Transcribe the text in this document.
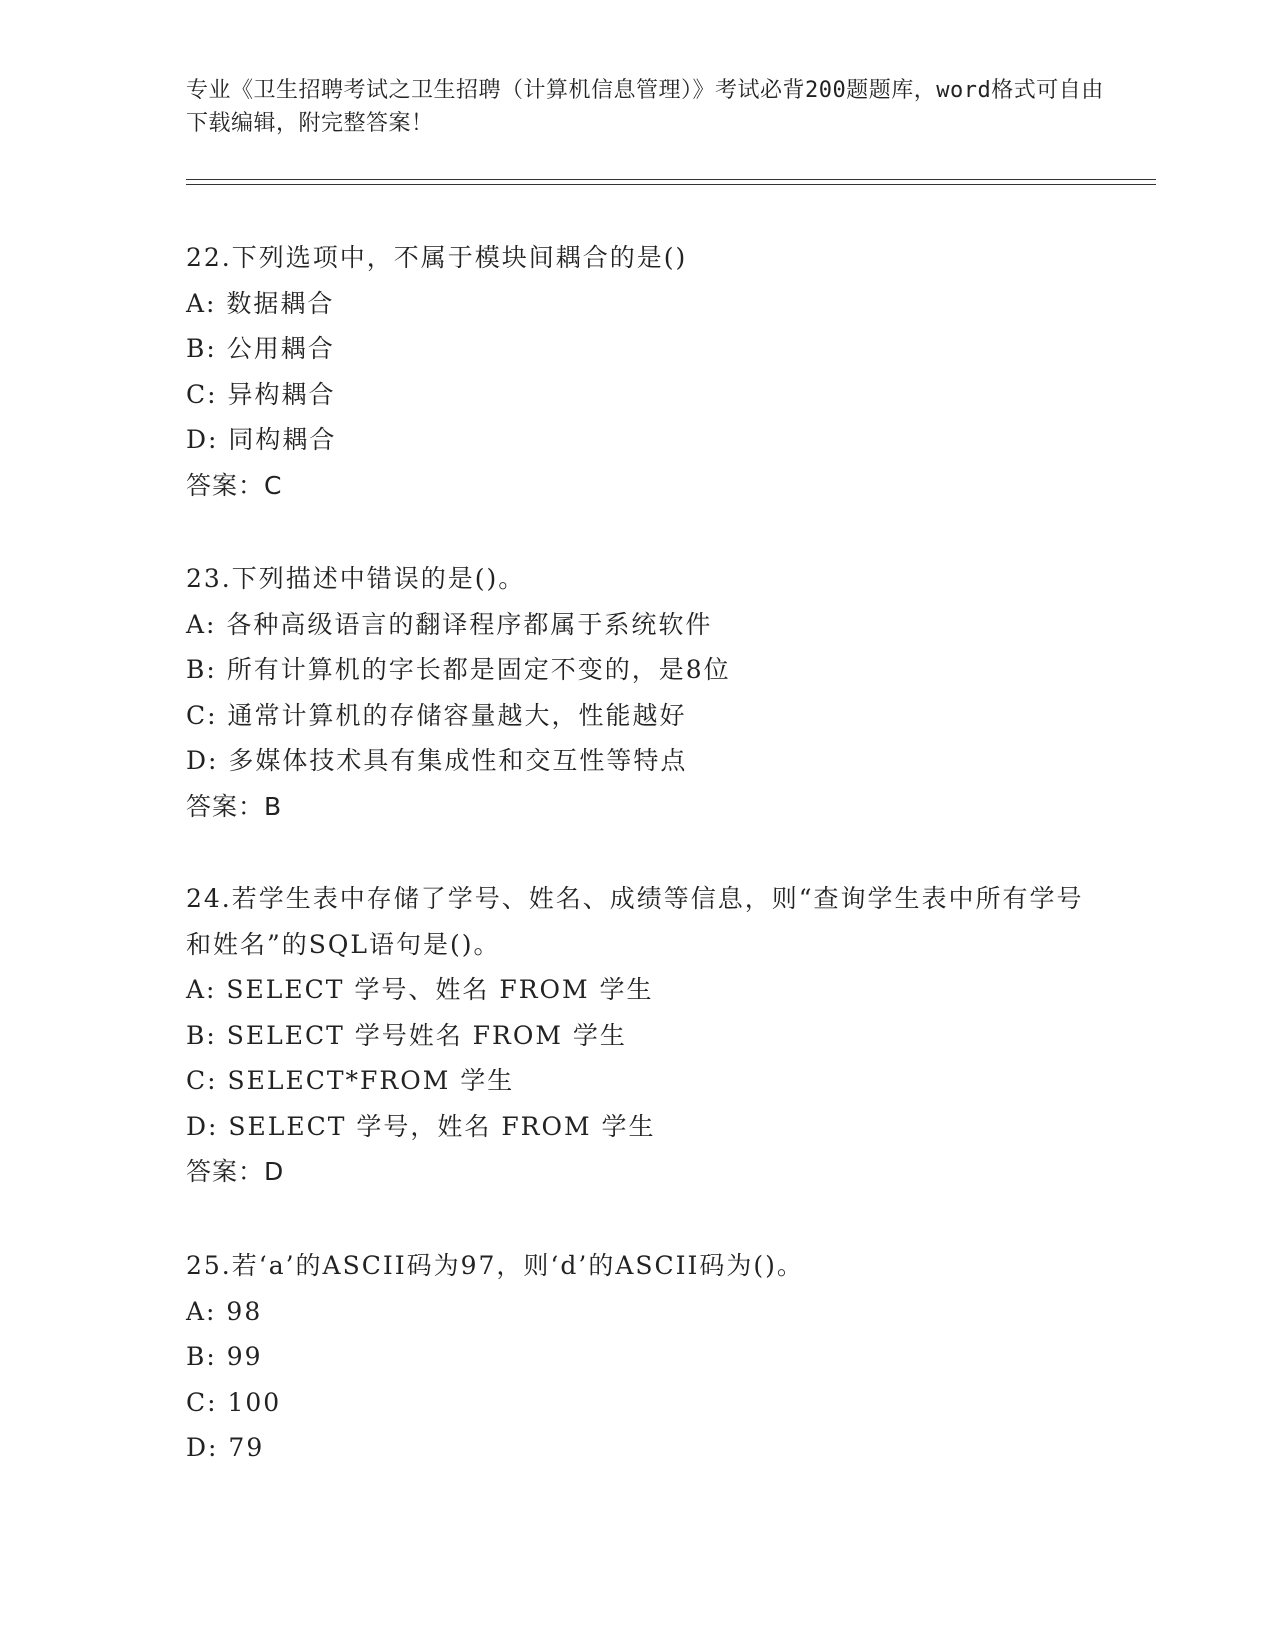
专业《卫生招聘考试之卫生招聘（计算机信息管理）》考试必背200题题库，word格式可自由下载编辑，附完整答案！
22.下列选项中，不属于模块间耦合的是()
A: 数据耦合
B: 公用耦合
C: 异构耦合
D: 同构耦合
答案：C
23.下列描述中错误的是()。
A: 各种高级语言的翻译程序都属于系统软件
B: 所有计算机的字长都是固定不变的，是8位
C: 通常计算机的存储容量越大，性能越好
D: 多媒体技术具有集成性和交互性等特点
答案：B
24.若学生表中存储了学号、姓名、成绩等信息，则“查询学生表中所有学号和姓名”的SQL语句是()。
A: SELECT 学号、姓名 FROM 学生
B: SELECT 学号姓名 FROM 学生
C: SELECT*FROM 学生
D: SELECT 学号，姓名 FROM 学生
答案：D
25.若‘a’的ASCII码为97，则‘d’的ASCII码为()。
A: 98
B: 99
C: 100
D: 79
